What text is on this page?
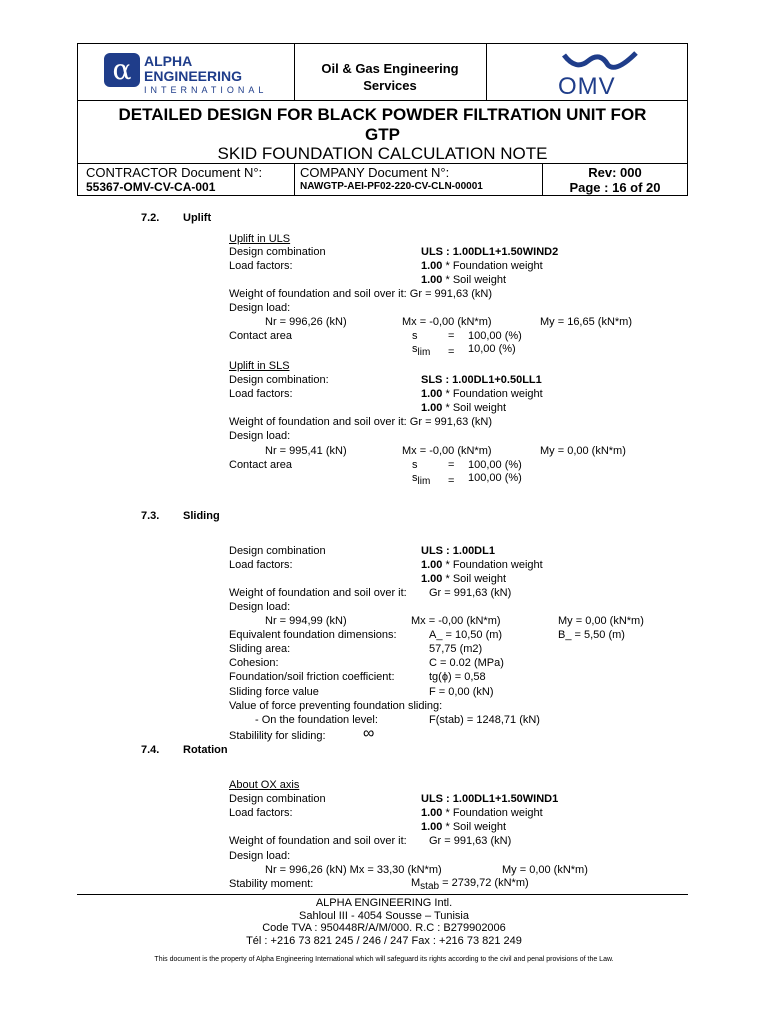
α ALPHA
ENGINEERING
INTERNATIONAL
Oil & Gas Engineering
Services	OMV
DETAILED DESIGN FOR BLACK POWDER FILTRATION UNIT FOR
GTP
SKID FOUNDATION CALCULATION NOTE
CONTRACTOR Document N°:
55367-OMV-CV-CA-001
COMPANY Document N°:
NAWGTP-AEI-PF02-220-CV-CLN-00001
Rev: 000
Page : 16 of 20
7.2. Uplift
Uplift in ULS
Design combination	ULS : 1.00DL1+1.50WIND2
Load factors:	1.00 * Foundation weight
1.00 * Soil weight
Weight of foundation and soil over it: Gr = 991,63 (kN)
Design load:
Nr = 996,26 (kN)	Mx = -0,00 (kN*m)	My = 16,65 (kN*m)
Contact area	s	= 100,00 (%)
slim = 10,00 (%)
Uplift in SLS
Design combination:	SLS : 1.00DL1+0.50LL1
Load factors:	1.00 * Foundation weight
1.00 * Soil weight
Weight of foundation and soil over it: Gr = 991,63 (kN)
Design load:
Nr = 995,41 (kN)	Mx = -0,00 (kN*m)	My = 0,00 (kN*m)
Contact area	s	= 100,00 (%)
slim = 100,00 (%)
7.3. Sliding
Design combination	ULS : 1.00DL1
Load factors:	1.00 * Foundation weight
1.00 * Soil weight
Weight of foundation and soil over it: Gr = 991,63 (kN)
Design load:
Nr = 994,99 (kN)	Mx = -0,00 (kN*m)	My = 0,00 (kN*m)
Equivalent foundation dimensions:	A_ = 10,50 (m)	B_ = 5,50 (m)
Sliding area:	57,75 (m2)
Cohesion:	C = 0.02 (MPa)
Foundation/soil friction coefficient:	tg(ϕ) = 0,58
Sliding force value	F = 0,00 (kN)
Value of force preventing foundation sliding:
- On the foundation level:	F(stab) = 1248,71 (kN)
Stabilility for sliding: ∞
7.4. Rotation
About OX axis
Design combination	ULS : 1.00DL1+1.50WIND1
Load factors:	1.00 * Foundation weight
1.00 * Soil weight
Weight of foundation and soil over it: Gr = 991,63 (kN)
Design load:
Nr = 996,26 (kN) Mx = 33,30 (kN*m)	My = 0,00 (kN*m)
Stability moment:	Mstab = 2739,72 (kN*m)
ALPHA ENGINEERING Intl.
Sahloul III - 4054 Sousse – Tunisia
Code TVA : 950448R/A/M/000. R.C : B279902006
Tél : +216 73 821 245 / 246 / 247 Fax : +216 73 821 249
This document is the property of Alpha Engineering International which will safeguard its rights according to the civil and penal provisions of the Law.
